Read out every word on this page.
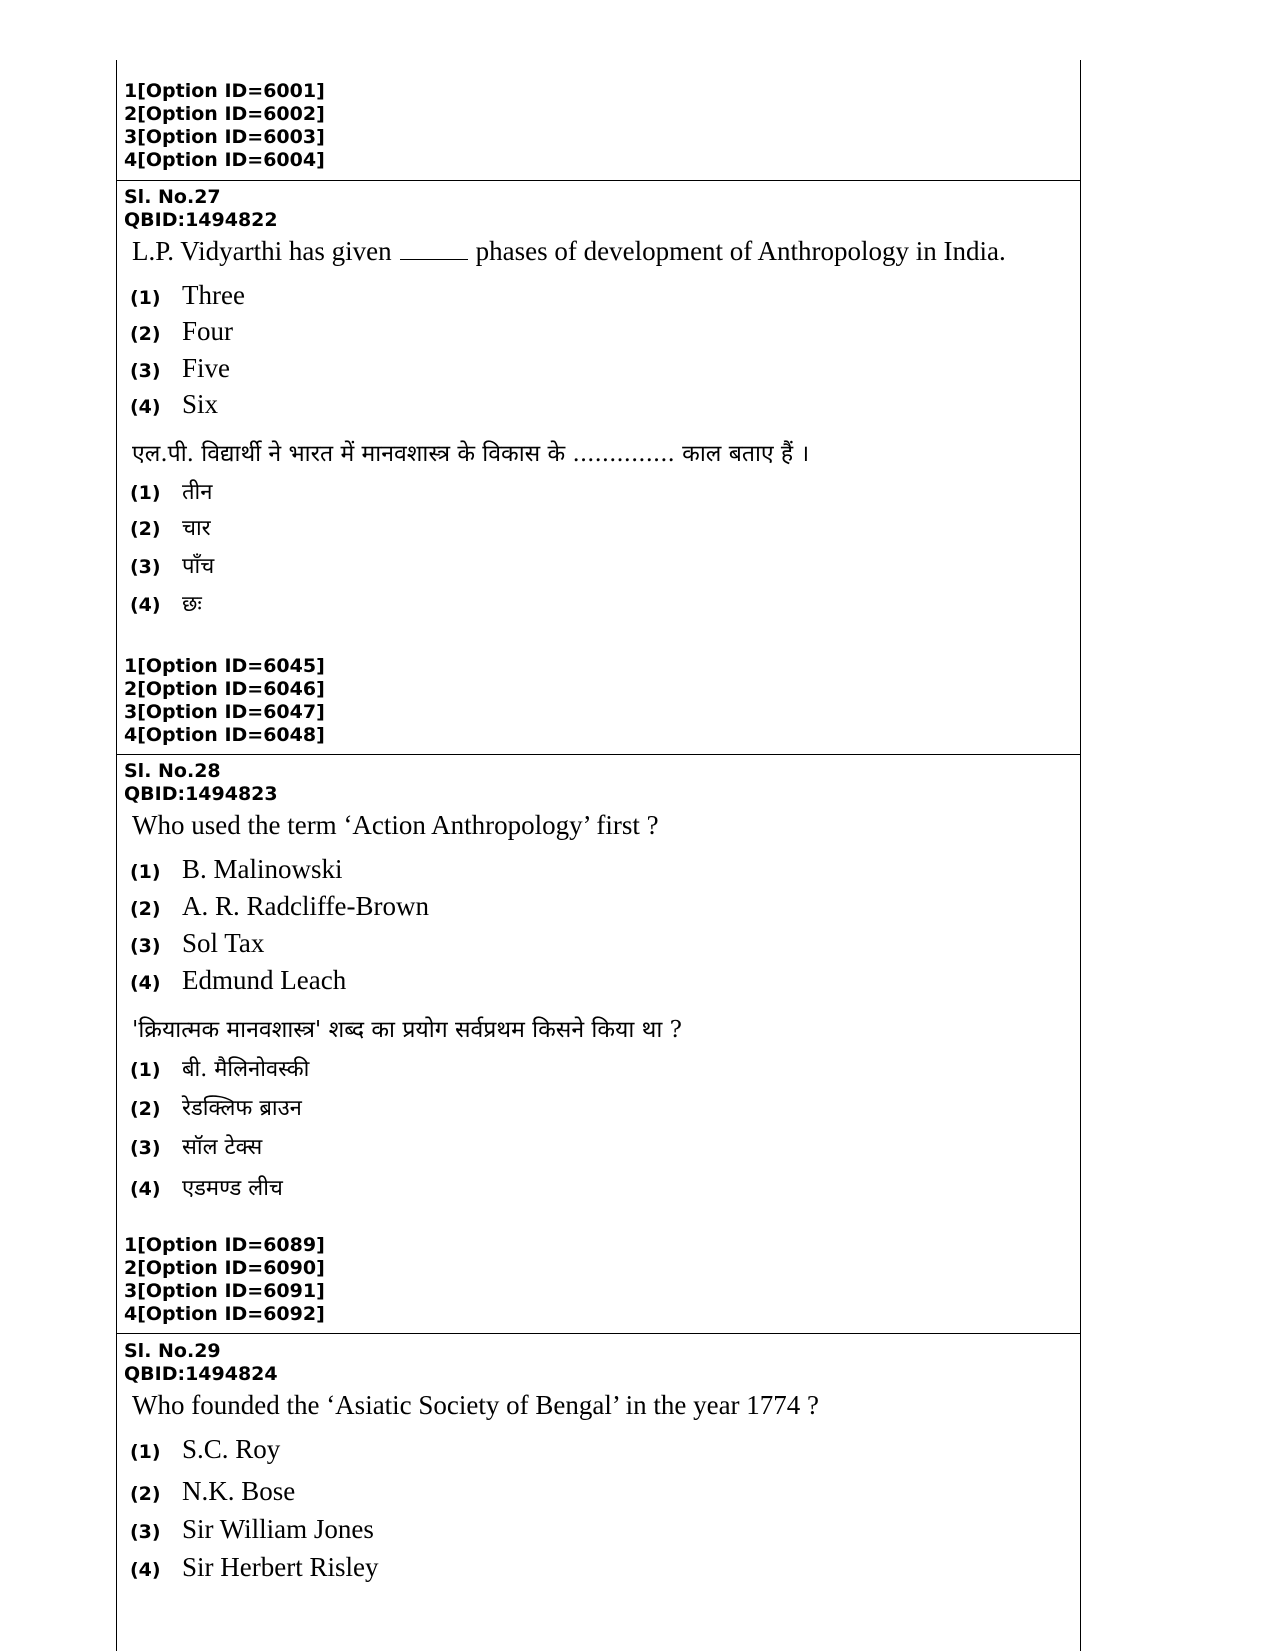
1[Option ID=6001]
2[Option ID=6002]
3[Option ID=6003]
4[Option ID=6004]
Sl. No.27
QBID:1494822
L.P. Vidyarthi has given	phases of development of Anthropology in India.
(1) Three
(2) Four
(3) Five
(4) Six
एल.पी. विद्यार्थी ने भारत में मानवशास्त्र के विकास के .............. काल बताए हैं ।
(1) तीन
(2) चार
(3) पाँच
(4) छः
1[Option ID=6045]
2[Option ID=6046]
3[Option ID=6047]
4[Option ID=6048]
Sl. No.28
QBID:1494823
Who used the term ‘Action Anthropology’ first ?
(1) B. Malinowski
(2) A. R. Radcliffe-Brown
(3) Sol Tax
(4) Edmund Leach
'क्रियात्मक मानवशास्त्र' शब्द का प्रयोग सर्वप्रथम किसने किया था ?
(1) बी. मैलिनोवस्की
(2) रेडक्लिफ ब्राउन
(3) सॉल टेक्स
(4) एडमण्ड लीच
1[Option ID=6089]
2[Option ID=6090]
3[Option ID=6091]
4[Option ID=6092]
Sl. No.29
QBID:1494824
Who founded the ‘Asiatic Society of Bengal’ in the year 1774 ?
(1) S.C. Roy
(2) N.K. Bose
(3) Sir William Jones
(4) Sir Herbert Risley
